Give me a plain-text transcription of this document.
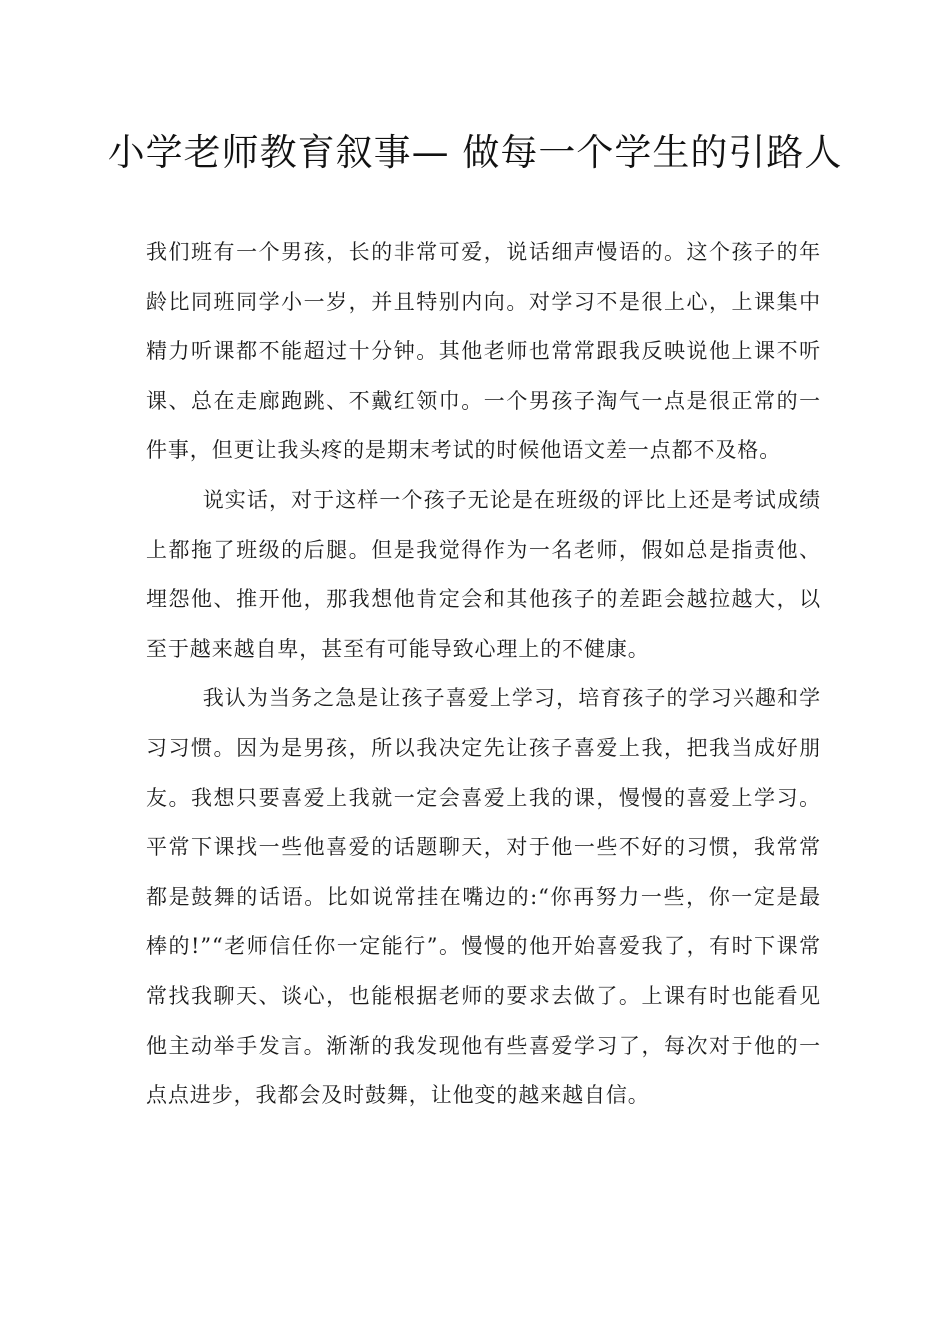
小学老师教育叙事— 做每一个学生的引路人

我们班有一个男孩，长的非常可爱，说话细声慢语的。这个孩子的年龄比同班同学小一岁，并且特别内向。对学习不是很上心，上课集中精力听课都不能超过十分钟。其他老师也常常跟我反映说他上课不听课、总在走廊跑跳、不戴红领巾。一个男孩子淘气一点是很正常的一件事，但更让我头疼的是期末考试的时候他语文差一点都不及格。

说实话，对于这样一个孩子无论是在班级的评比上还是考试成绩上都拖了班级的后腿。但是我觉得作为一名老师，假如总是指责他、埋怨他、推开他，那我想他肯定会和其他孩子的差距会越拉越大，以至于越来越自卑，甚至有可能导致心理上的不健康。

我认为当务之急是让孩子喜爱上学习，培育孩子的学习兴趣和学习习惯。因为是男孩，所以我决定先让孩子喜爱上我，把我当成好朋友。我想只要喜爱上我就一定会喜爱上我的课，慢慢的喜爱上学习。平常下课找一些他喜爱的话题聊天，对于他一些不好的习惯，我常常都是鼓舞的话语。比如说常挂在嘴边的:“你再努力一些，你一定是最棒的!”“老师信任你一定能行”。慢慢的他开始喜爱我了，有时下课常常找我聊天、谈心，也能根据老师的要求去做了。上课有时也能看见他主动举手发言。渐渐的我发现他有些喜爱学习了，每次对于他的一点点进步，我都会及时鼓舞，让他变的越来越自信。
